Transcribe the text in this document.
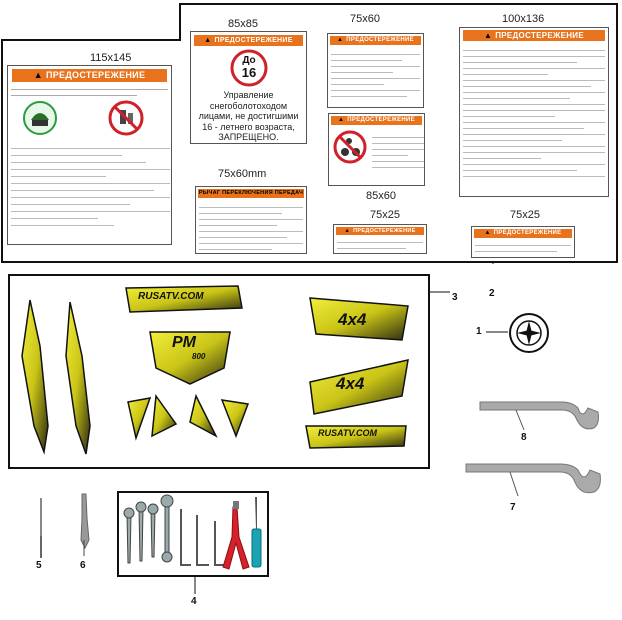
115x145
85x85	75x60	100x136
75x60mm
85x60
75x25	75x25
▲ ПРЕДОСТЕРЕЖЕНИЕ
▲ ПРЕДОСТЕРЕЖЕНИЕ
До
16
Управление снегоболотоходом лицами, не достигшими 16 - летнего возраста, ЗАПРЕЩЕНО.
▲ ПРЕДОСТЕРЕЖЕНИЕ
▲ ПРЕДОСТЕРЕЖЕНИЕ
▲ ПРЕДОСТЕРЕЖЕНИЕ
РЫЧАГ ПЕРЕКЛЮЧЕНИЯ ПЕРЕДАЧ
▲ ПРЕДОСТЕРЕЖЕНИЕ	▲ ПРЕДОСТЕРЕЖЕНИЕ
2
3
RUSATV.COM
PM
800
4x4
4x4
RUSATV.COM
1
8
7
5	6
4
